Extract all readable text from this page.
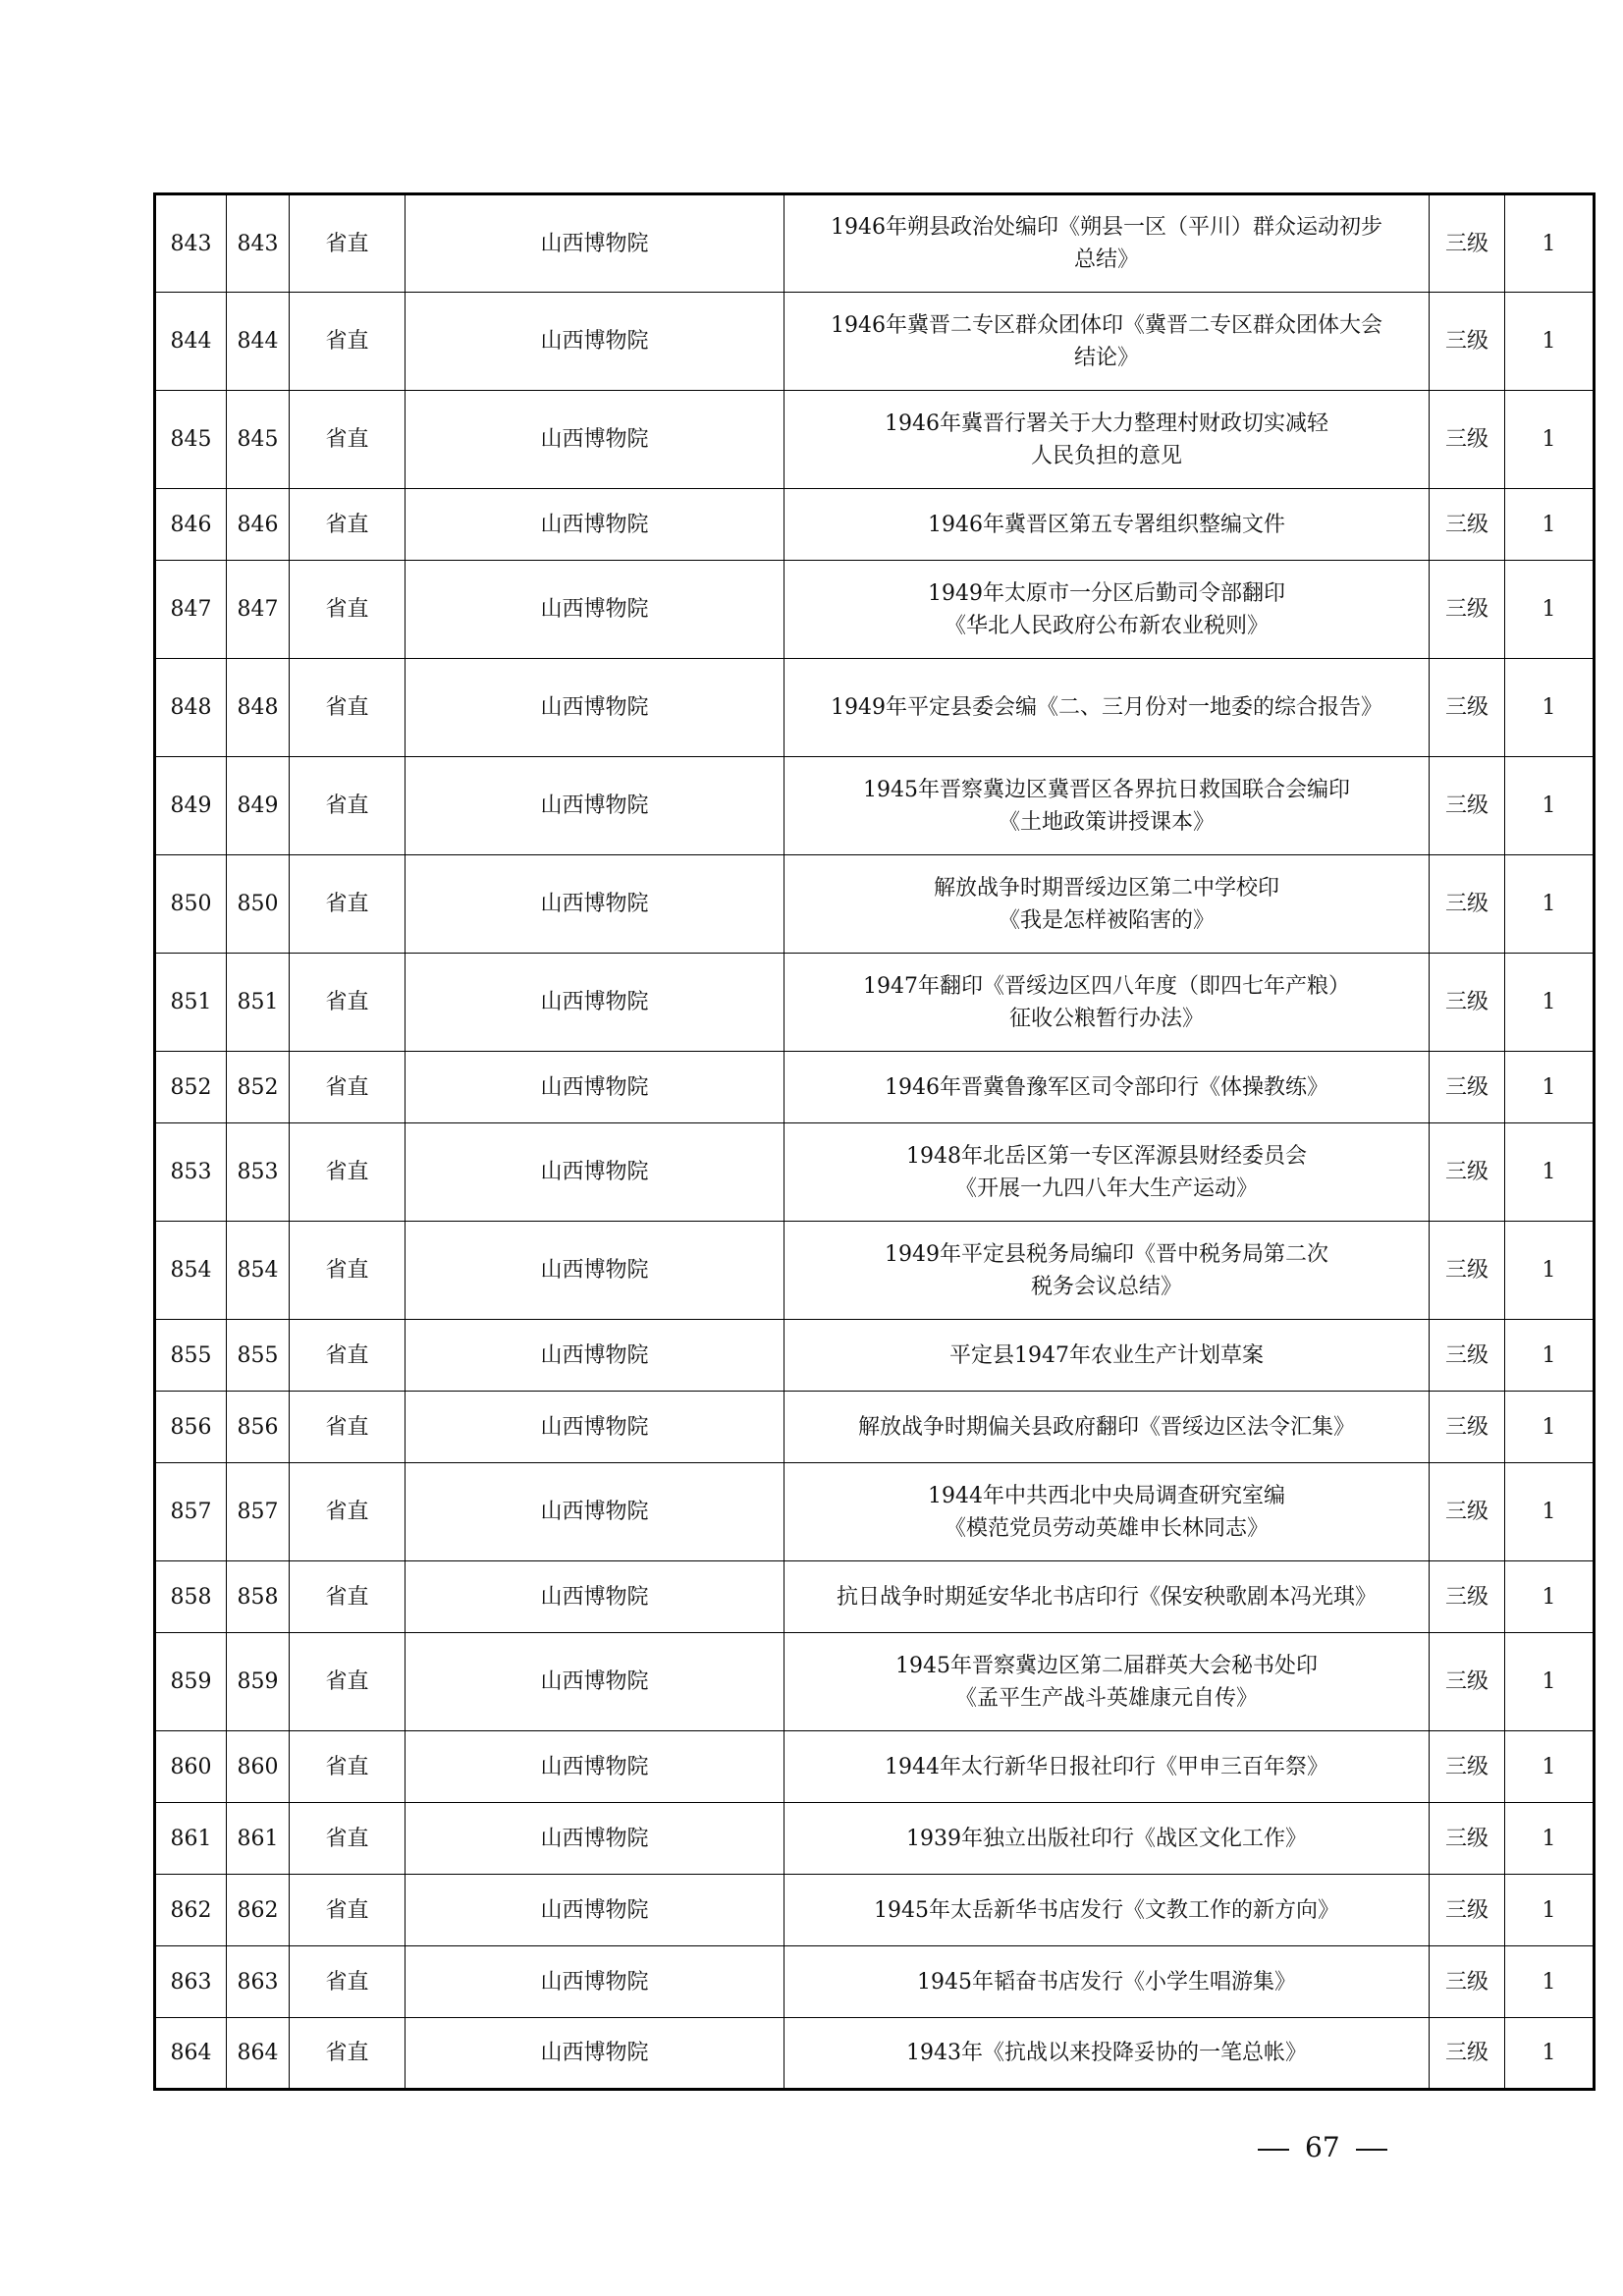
843	843	省直	山西博物院	1946年朔县政治处编印《朔县一区（平川）群众运动初步
总结》	三级	1
844	844	省直	山西博物院	1946年冀晋二专区群众团体印《冀晋二专区群众团体大会
结论》	三级	1
845	845	省直	山西博物院	1946年冀晋行署关于大力整理村财政切实减轻
人民负担的意见	三级	1
846	846	省直	山西博物院	1946年冀晋区第五专署组织整编文件	三级	1
847	847	省直	山西博物院	1949年太原市一分区后勤司令部翻印
《华北人民政府公布新农业税则》	三级	1
848	848	省直	山西博物院	1949年平定县委会编《二、三月份对一地委的综合报告》	三级	1
849	849	省直	山西博物院	1945年晋察冀边区冀晋区各界抗日救国联合会编印
《土地政策讲授课本》	三级	1
850	850	省直	山西博物院	解放战争时期晋绥边区第二中学校印
《我是怎样被陷害的》	三级	1
851	851	省直	山西博物院	1947年翻印《晋绥边区四八年度（即四七年产粮）
征收公粮暂行办法》	三级	1
852	852	省直	山西博物院	1946年晋冀鲁豫军区司令部印行《体操教练》	三级	1
853	853	省直	山西博物院	1948年北岳区第一专区浑源县财经委员会
《开展一九四八年大生产运动》	三级	1
854	854	省直	山西博物院	1949年平定县税务局编印《晋中税务局第二次
税务会议总结》	三级	1
855	855	省直	山西博物院	平定县1947年农业生产计划草案	三级	1
856	856	省直	山西博物院	解放战争时期偏关县政府翻印《晋绥边区法令汇集》	三级	1
857	857	省直	山西博物院	1944年中共西北中央局调查研究室编
《模范党员劳动英雄申长林同志》	三级	1
858	858	省直	山西博物院	抗日战争时期延安华北书店印行《保安秧歌剧本冯光琪》	三级	1
859	859	省直	山西博物院	1945年晋察冀边区第二届群英大会秘书处印
《孟平生产战斗英雄康元自传》	三级	1
860	860	省直	山西博物院	1944年太行新华日报社印行《甲申三百年祭》	三级	1
861	861	省直	山西博物院	1939年独立出版社印行《战区文化工作》	三级	1
862	862	省直	山西博物院	1945年太岳新华书店发行《文教工作的新方向》	三级	1
863	863	省直	山西博物院	1945年韬奋书店发行《小学生唱游集》	三级	1
864	864	省直	山西博物院	1943年《抗战以来投降妥协的一笔总帐》	三级	1
67
